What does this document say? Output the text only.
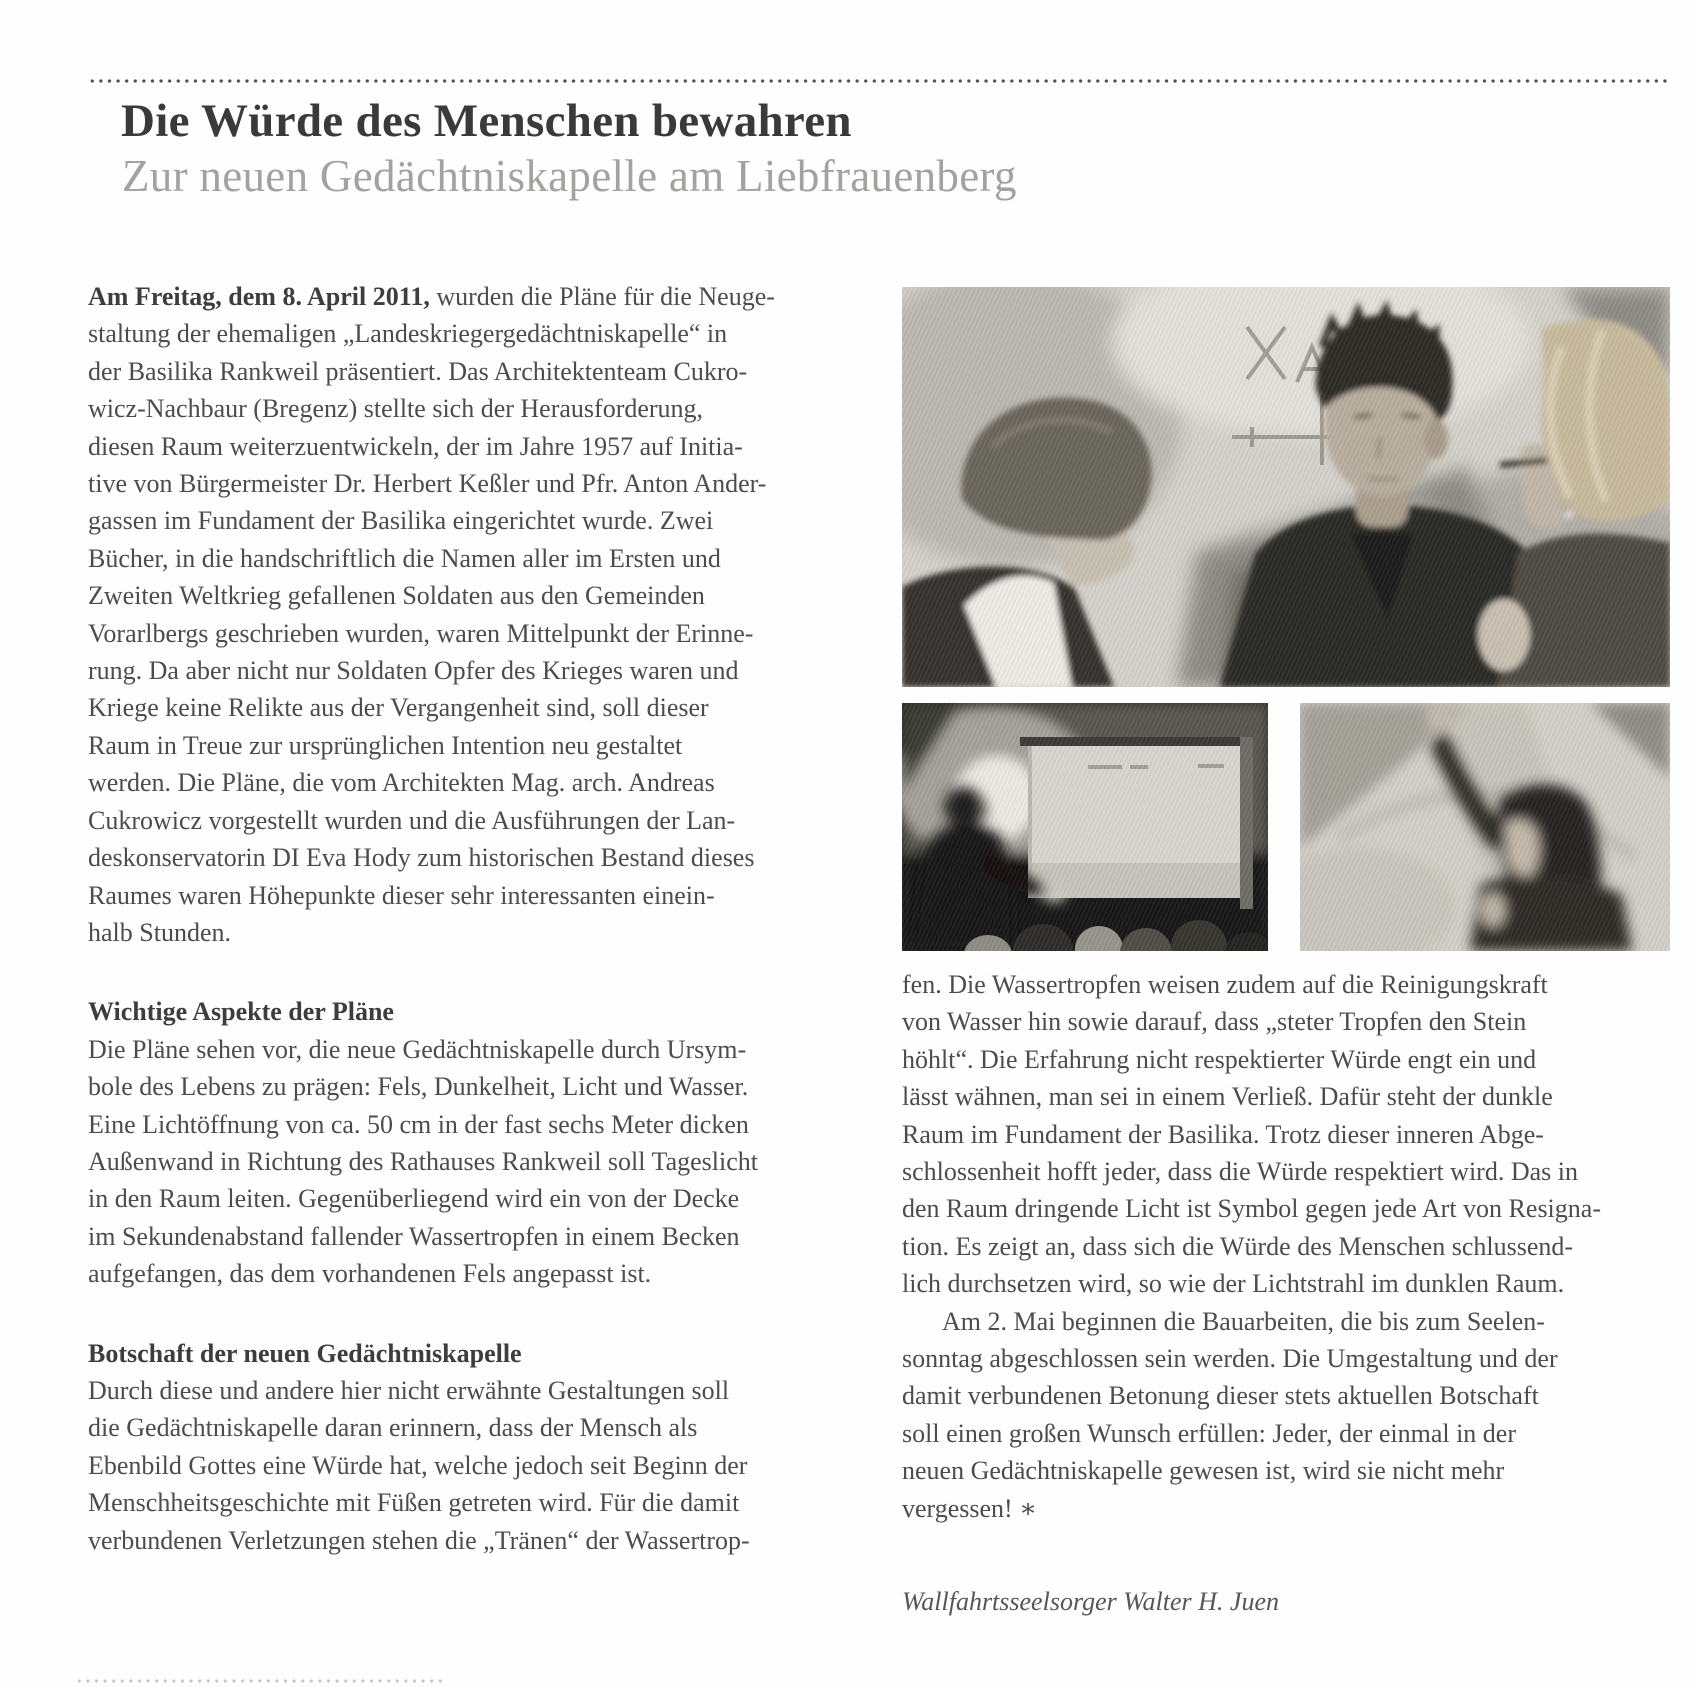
Die Würde des Menschen bewahren
Zur neuen Gedächtniskapelle am Liebfrauenberg
Am Freitag, dem 8. April 2011, wurden die Pläne für die Neuge-
staltung der ehemaligen „Landeskriegergedächtniskapelle“ in
der Basilika Rankweil präsentiert. Das Architektenteam Cukro-
wicz-Nachbaur (Bregenz) stellte sich der Herausforderung,
diesen Raum weiterzuentwickeln, der im Jahre 1957 auf Initia-
tive von Bürgermeister Dr. Herbert Keßler und Pfr. Anton Ander-
gassen im Fundament der Basilika eingerichtet wurde. Zwei
Bücher, in die handschriftlich die Namen aller im Ersten und
Zweiten Weltkrieg gefallenen Soldaten aus den Gemeinden
Vorarlbergs geschrieben wurden, waren Mittelpunkt der Erinne-
rung. Da aber nicht nur Soldaten Opfer des Krieges waren und
Kriege keine Relikte aus der Vergangenheit sind, soll dieser
Raum in Treue zur ursprünglichen Intention neu gestaltet
werden. Die Pläne, die vom Architekten Mag. arch. Andreas
Cukrowicz vorgestellt wurden und die Ausführungen der Lan-
deskonservatorin DI Eva Hody zum historischen Bestand dieses
Raumes waren Höhepunkte dieser sehr interessanten einein-
halb Stunden.
Wichtige Aspekte der Pläne
Die Pläne sehen vor, die neue Gedächtniskapelle durch Ursym-
bole des Lebens zu prägen: Fels, Dunkelheit, Licht und Wasser.
Eine Lichtöffnung von ca. 50 cm in der fast sechs Meter dicken
Außenwand in Richtung des Rathauses Rankweil soll Tageslicht
in den Raum leiten. Gegenüberliegend wird ein von der Decke
im Sekundenabstand fallender Wassertropfen in einem Becken
aufgefangen, das dem vorhandenen Fels angepasst ist.
Botschaft der neuen Gedächtniskapelle
Durch diese und andere hier nicht erwähnte Gestaltungen soll
die Gedächtniskapelle daran erinnern, dass der Mensch als
Ebenbild Gottes eine Würde hat, welche jedoch seit Beginn der
Menschheitsgeschichte mit Füßen getreten wird. Für die damit
verbundenen Verletzungen stehen die „Tränen“ der Wassertrop-
fen. Die Wassertropfen weisen zudem auf die Reinigungskraft
von Wasser hin sowie darauf, dass „steter Tropfen den Stein
höhlt“. Die Erfahrung nicht respektierter Würde engt ein und
lässt wähnen, man sei in einem Verließ. Dafür steht der dunkle
Raum im Fundament der Basilika. Trotz dieser inneren Abge-
schlossenheit hofft jeder, dass die Würde respektiert wird. Das in
den Raum dringende Licht ist Symbol gegen jede Art von Resigna-
tion. Es zeigt an, dass sich die Würde des Menschen schlussend-
lich durchsetzen wird, so wie der Lichtstrahl im dunklen Raum.
Am 2. Mai beginnen die Bauarbeiten, die bis zum Seelen-
sonntag abgeschlossen sein werden. Die Umgestaltung und der
damit verbundenen Betonung dieser stets aktuellen Botschaft
soll einen großen Wunsch erfüllen: Jeder, der einmal in der
neuen Gedächtniskapelle gewesen ist, wird sie nicht mehr
vergessen! ∗
Wallfahrtsseelsorger Walter H. Juen
